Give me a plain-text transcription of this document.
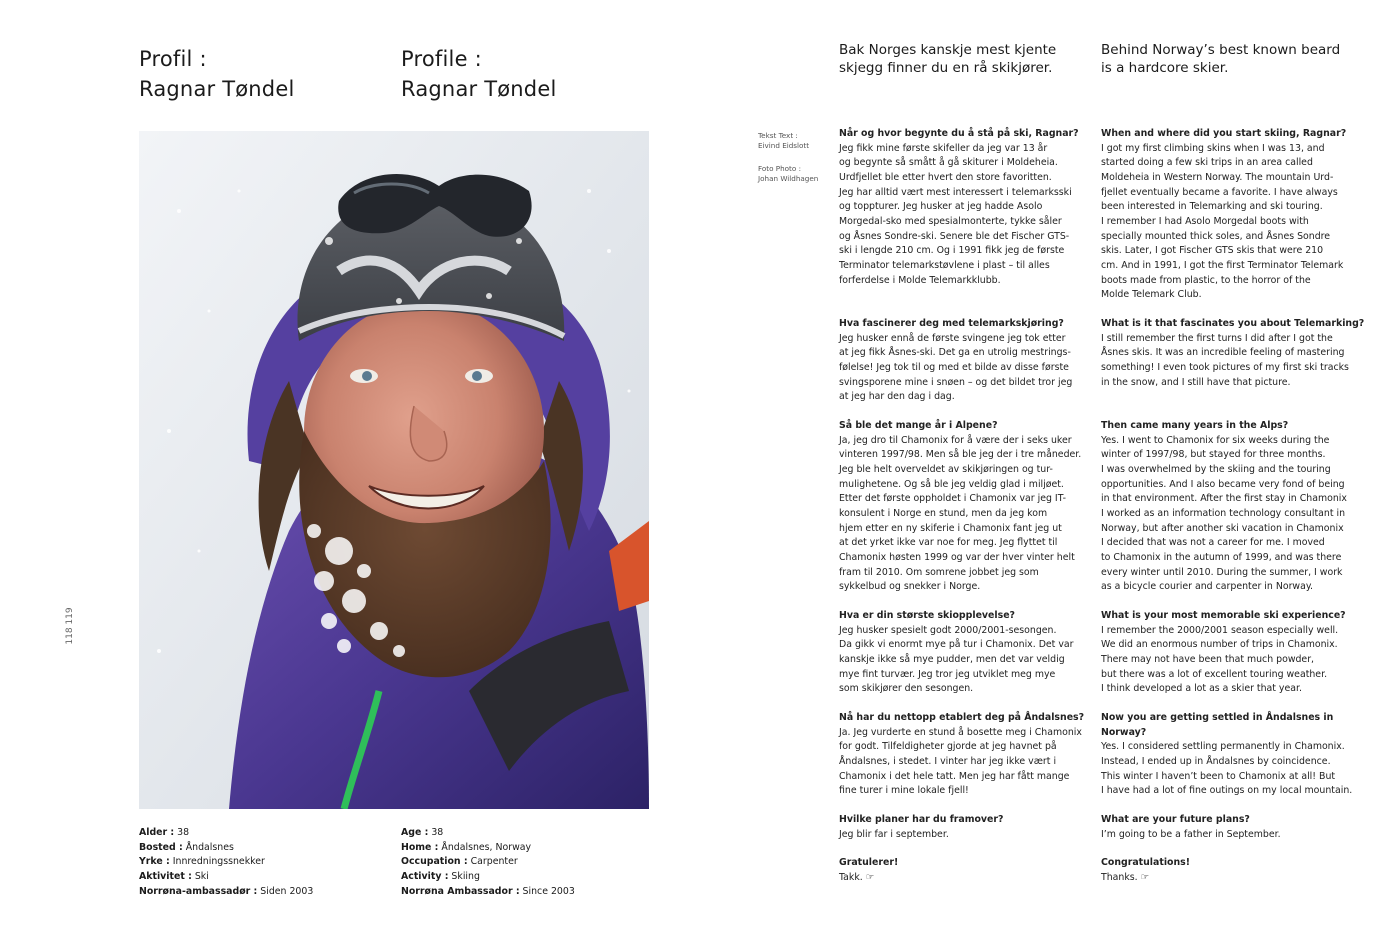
Profil :
Ragnar Tøndel
Profile :
Ragnar Tøndel
118 119
Alder : 38
Bosted : Åndalsnes
Yrke : Innredningssnekker
Aktivitet : Ski
Norrøna-ambassadør : Siden 2003
Age : 38
Home : Åndalsnes, Norway
Occupation : Carpenter
Activity : Skiing
Norrøna Ambassador : Since 2003
Bak Norges kanskje mest kjente
skjegg finner du en rå skikjører.
Behind Norway’s best known beard
is a hardcore skier.
Tekst Text :
Eivind Eidslott
Foto Photo :
Johan Wildhagen
Når og hvor begynte du å stå på ski, Ragnar?
Jeg fikk mine første skifeller da jeg var 13 år
og begynte så smått å gå skiturer i Moldeheia.
Urdfjellet ble etter hvert den store favoritten.
Jeg har alltid vært mest interessert i telemarksski
og toppturer. Jeg husker at jeg hadde Asolo
Morgedal-sko med spesialmonterte, tykke såler
og Åsnes Sondre-ski. Senere ble det Fischer GTS-
ski i lengde 210 cm. Og i 1991 fikk jeg de første
Terminator telemarkstøvlene i plast – til alles
forferdelse i Molde Telemarkklubb.
Hva fascinerer deg med telemarkskjøring?
Jeg husker ennå de første svingene jeg tok etter
at jeg fikk Åsnes-ski. Det ga en utrolig mestrings-
følelse! Jeg tok til og med et bilde av disse første
svingsporene mine i snøen – og det bildet tror jeg
at jeg har den dag i dag.
Så ble det mange år i Alpene?
Ja, jeg dro til Chamonix for å være der i seks uker
vinteren 1997/98. Men så ble jeg der i tre måneder.
Jeg ble helt overveldet av skikjøringen og tur-
mulighetene. Og så ble jeg veldig glad i miljøet.
Etter det første oppholdet i Chamonix var jeg IT-
konsulent i Norge en stund, men da jeg kom
hjem etter en ny skiferie i Chamonix fant jeg ut
at det yrket ikke var noe for meg. Jeg flyttet til
Chamonix høsten 1999 og var der hver vinter helt
fram til 2010. Om somrene jobbet jeg som
sykkelbud og snekker i Norge.
Hva er din største skiopplevelse?
Jeg husker spesielt godt 2000/2001-sesongen.
Da gikk vi enormt mye på tur i Chamonix. Det var
kanskje ikke så mye pudder, men det var veldig
mye fint turvær. Jeg tror jeg utviklet meg mye
som skikjører den sesongen.
Nå har du nettopp etablert deg på Åndalsnes?
Ja. Jeg vurderte en stund å bosette meg i Chamonix
for godt. Tilfeldigheter gjorde at jeg havnet på
Åndalsnes, i stedet. I vinter har jeg ikke vært i
Chamonix i det hele tatt. Men jeg har fått mange
fine turer i mine lokale fjell!
Hvilke planer har du framover?
Jeg blir far i september.
Gratulerer!
Takk. ☞
When and where did you start skiing, Ragnar?
I got my first climbing skins when I was 13, and
started doing a few ski trips in an area called
Moldeheia in Western Norway. The mountain Urd-
fjellet eventually became a favorite. I have always
been interested in Telemarking and ski touring.
I remember I had Asolo Morgedal boots with
specially mounted thick soles, and Åsnes Sondre
skis. Later, I got Fischer GTS skis that were 210
cm. And in 1991, I got the first Terminator Telemark
boots made from plastic, to the horror of the
Molde Telemark Club.
What is it that fascinates you about Telemarking?
I still remember the first turns I did after I got the
Åsnes skis. It was an incredible feeling of mastering
something! I even took pictures of my first ski tracks
in the snow, and I still have that picture.
Then came many years in the Alps?
Yes. I went to Chamonix for six weeks during the
winter of 1997/98, but stayed for three months.
I was overwhelmed by the skiing and the touring
opportunities. And I also became very fond of being
in that environment. After the first stay in Chamonix
I worked as an information technology consultant in
Norway, but after another ski vacation in Chamonix
I decided that was not a career for me. I moved
to Chamonix in the autumn of 1999, and was there
every winter until 2010. During the summer, I work
as a bicycle courier and carpenter in Norway.
What is your most memorable ski experience?
I remember the 2000/2001 season especially well.
We did an enormous number of trips in Chamonix.
There may not have been that much powder,
but there was a lot of excellent touring weather.
I think developed a lot as a skier that year.
Now you are getting settled in Åndalsnes in
Norway?
Yes. I considered settling permanently in Chamonix.
Instead, I ended up in Åndalsnes by coincidence.
This winter I haven’t been to Chamonix at all! But
I have had a lot of fine outings on my local mountain.
What are your future plans?
I’m going to be a father in September.
Congratulations!
Thanks. ☞
